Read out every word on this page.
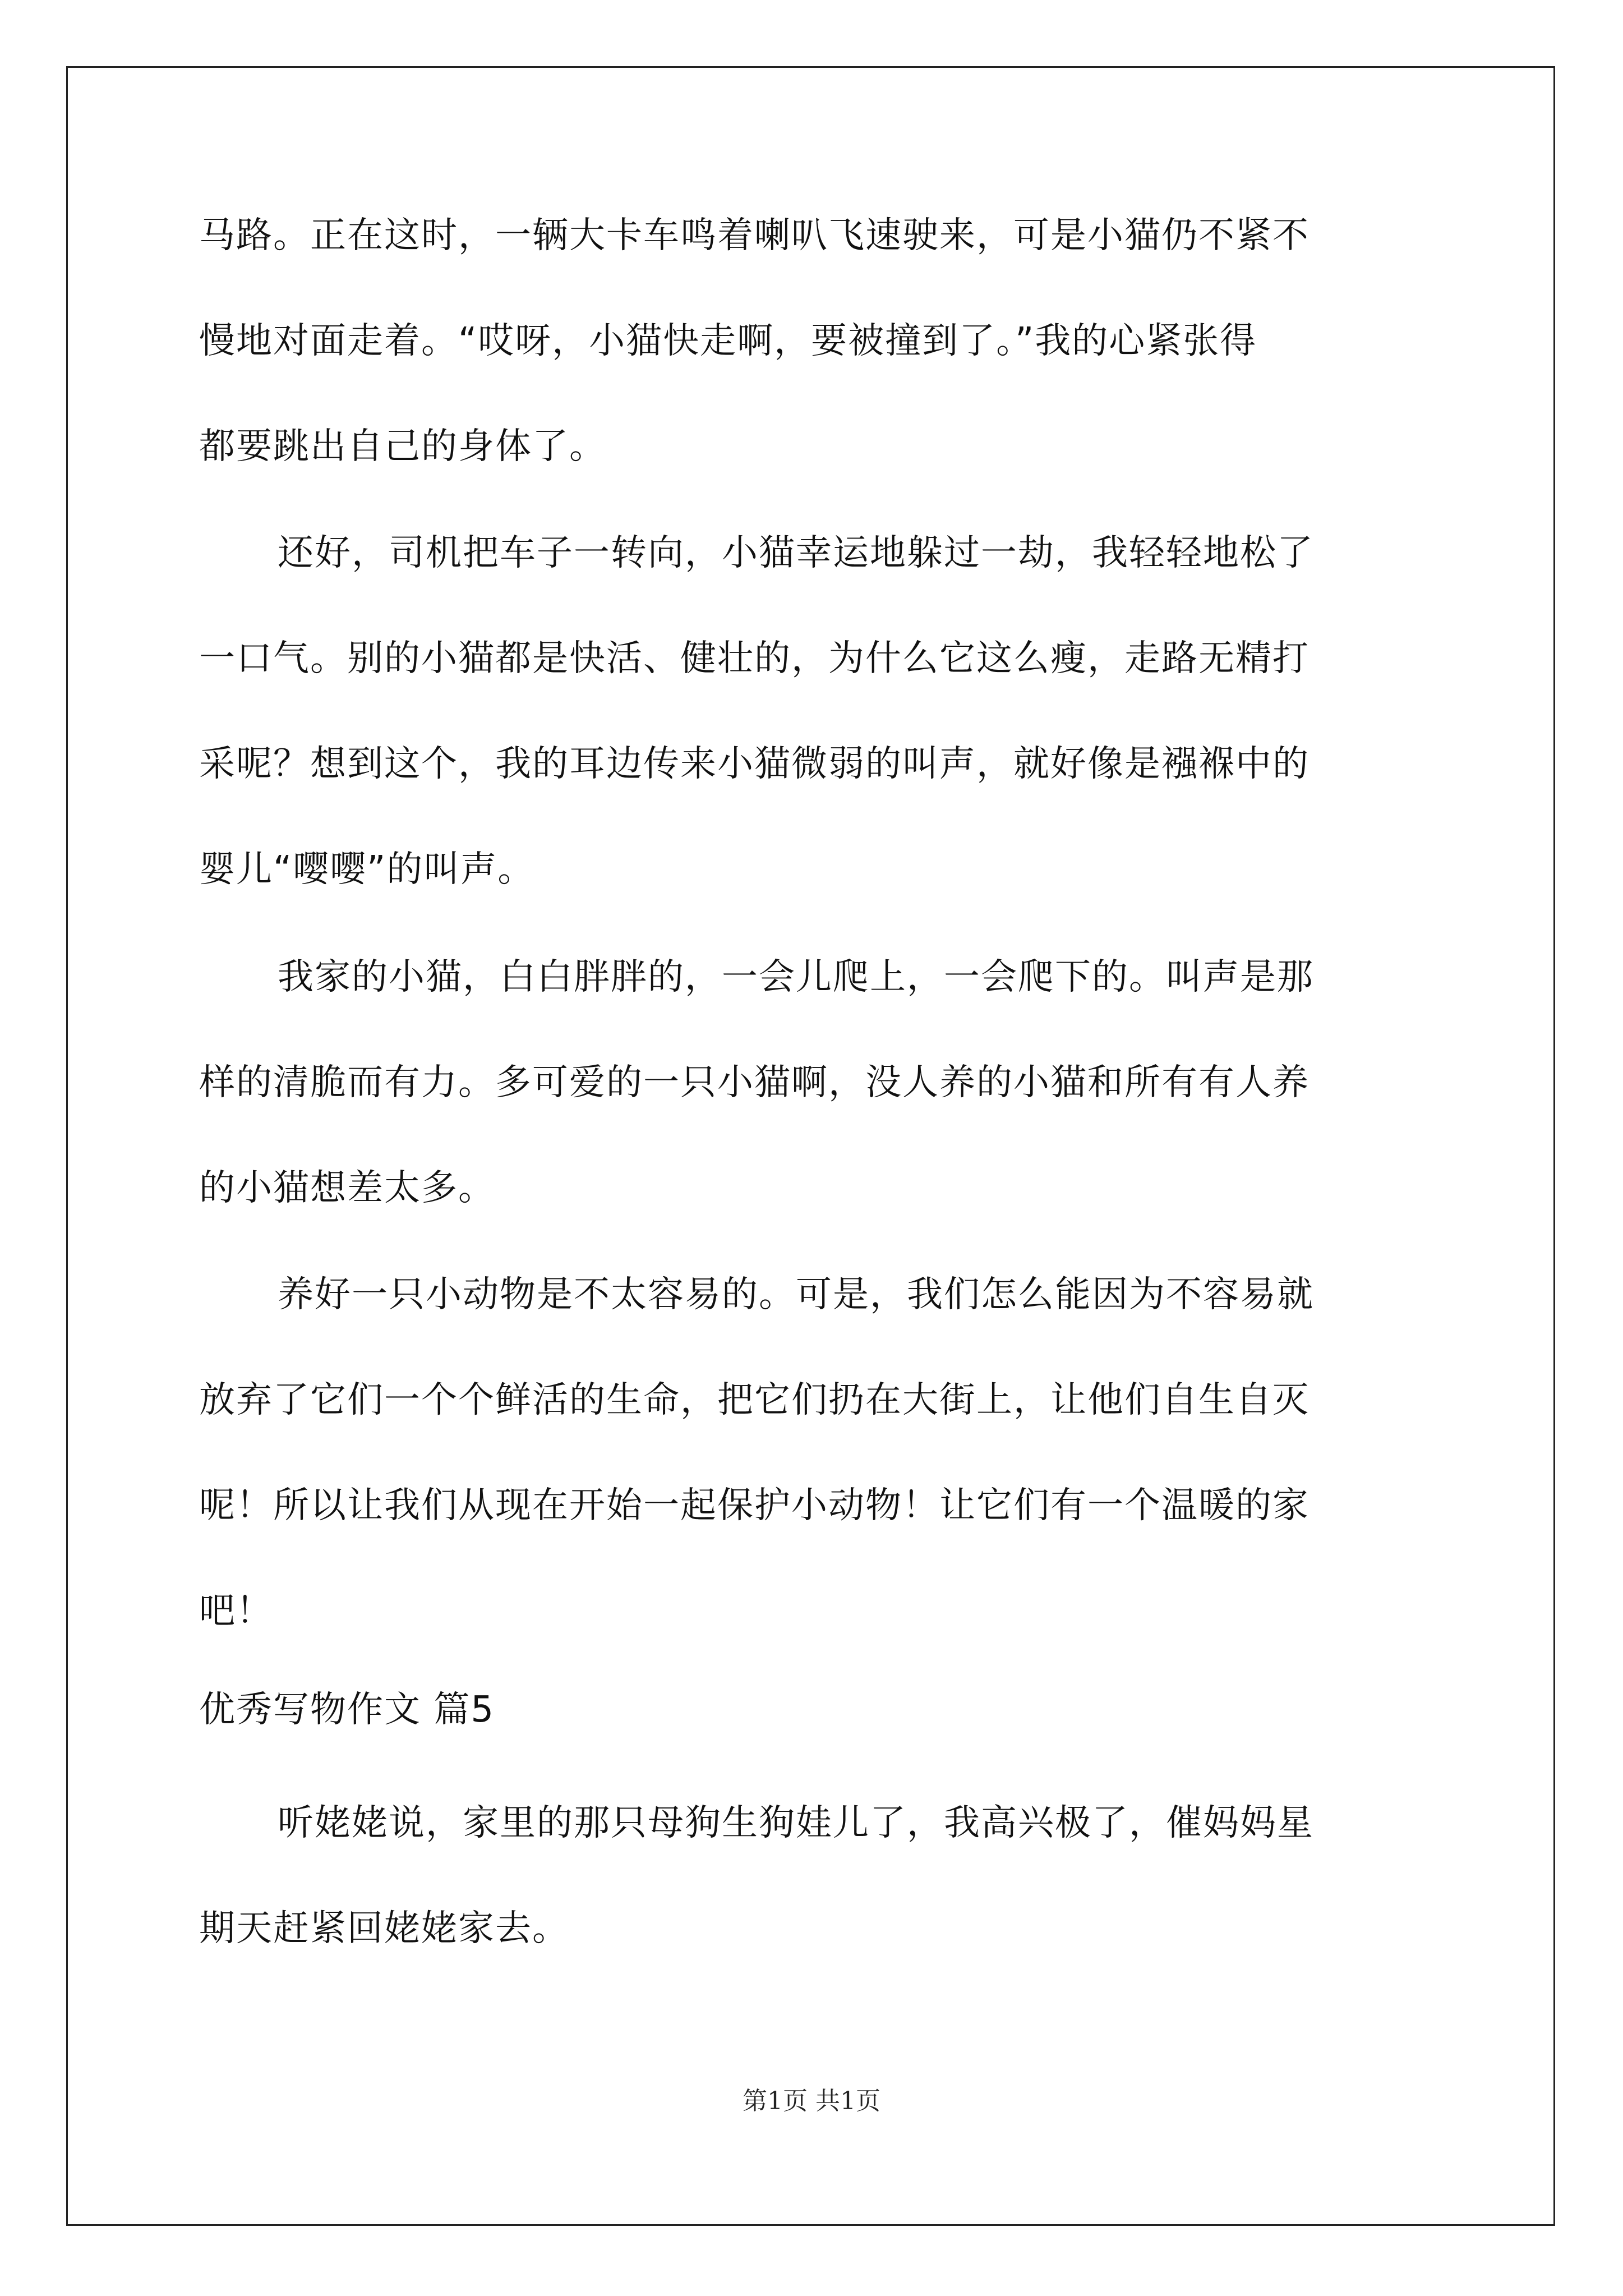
马路。正在这时，一辆大卡车鸣着喇叭飞速驶来，可是小猫仍不紧不
慢地对面走着。“哎呀，小猫快走啊，要被撞到了。”我的心紧张得
都要跳出自己的身体了。
还好，司机把车子一转向，小猫幸运地躲过一劫，我轻轻地松了
一口气。别的小猫都是快活、健壮的，为什么它这么瘦，走路无精打
采呢？想到这个，我的耳边传来小猫微弱的叫声，就好像是襁褓中的
婴儿“嘤嘤”的叫声。
我家的小猫，白白胖胖的，一会儿爬上，一会爬下的。叫声是那
样的清脆而有力。多可爱的一只小猫啊，没人养的小猫和所有有人养
的小猫想差太多。
养好一只小动物是不太容易的。可是，我们怎么能因为不容易就
放弃了它们一个个鲜活的生命，把它们扔在大街上，让他们自生自灭
呢！所以让我们从现在开始一起保护小动物！让它们有一个温暖的家
吧！
优秀写物作文 篇5
听姥姥说，家里的那只母狗生狗娃儿了，我高兴极了，催妈妈星
期天赶紧回姥姥家去。
第1页 共1页
